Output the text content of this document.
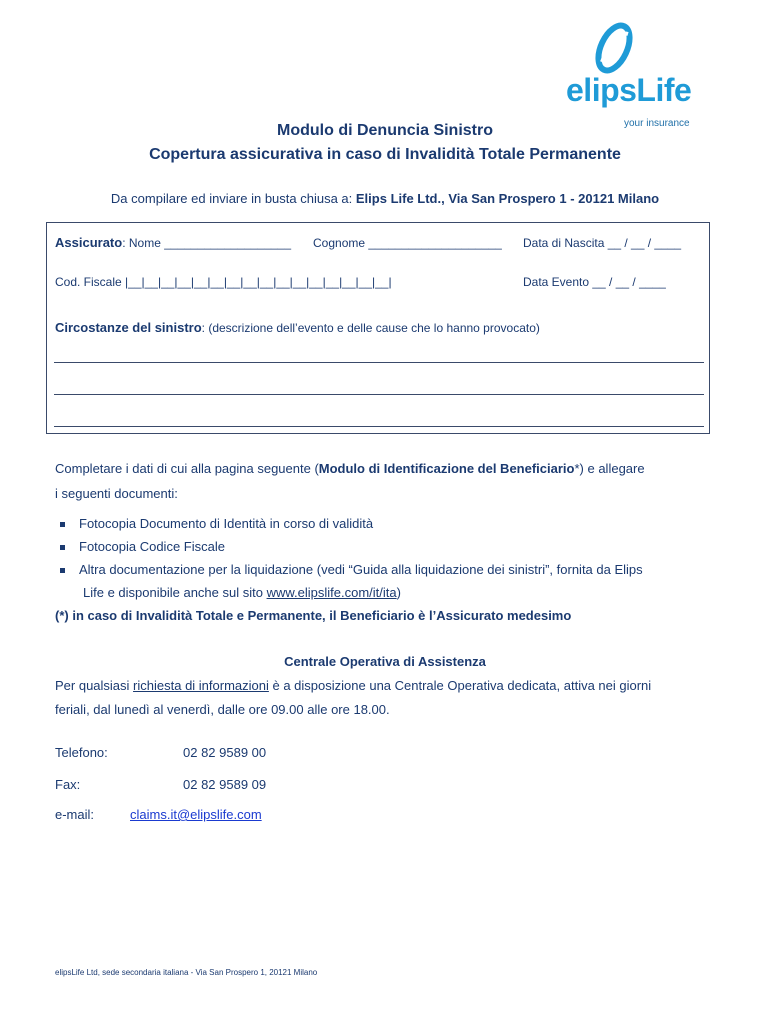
elipsLife
your insurance
Modulo di Denuncia Sinistro
Copertura assicurativa in caso di Invalidità Totale Permanente
Da compilare ed inviare in busta chiusa a: Elips Life Ltd., Via San Prospero 1 - 20121 Milano
Assicurato: Nome ___________________ Cognome ____________________ Data di Nascita __ / __ / ____
Cod. Fiscale |__|__|__|__|__|__|__|__|__|__|__|__|__|__|__|__|	Data Evento __ / __ / ____
Circostanze del sinistro: (descrizione dell’evento e delle cause che lo hanno provocato)
Completare i dati di cui alla pagina seguente (Modulo di Identificazione del Beneficiario*) e allegare
i seguenti documenti:
Fotocopia Documento di Identità in corso di validità
Fotocopia Codice Fiscale
Altra documentazione per la liquidazione (vedi “Guida alla liquidazione dei sinistri”, fornita da Elips
Life e disponibile anche sul sito www.elipslife.com/it/ita)
(*) in caso di Invalidità Totale e Permanente, il Beneficiario è l’Assicurato medesimo
Centrale Operativa di Assistenza
Per qualsiasi richiesta di informazioni è a disposizione una Centrale Operativa dedicata, attiva nei giorni
feriali, dal lunedì al venerdì, dalle ore 09.00 alle ore 18.00.
Telefono:	02 82 9589 00
Fax:	02 82 9589 09
e-mail:	claims.it@elipslife.com
elipsLife Ltd, sede secondaria italiana - Via San Prospero 1, 20121 Milano
